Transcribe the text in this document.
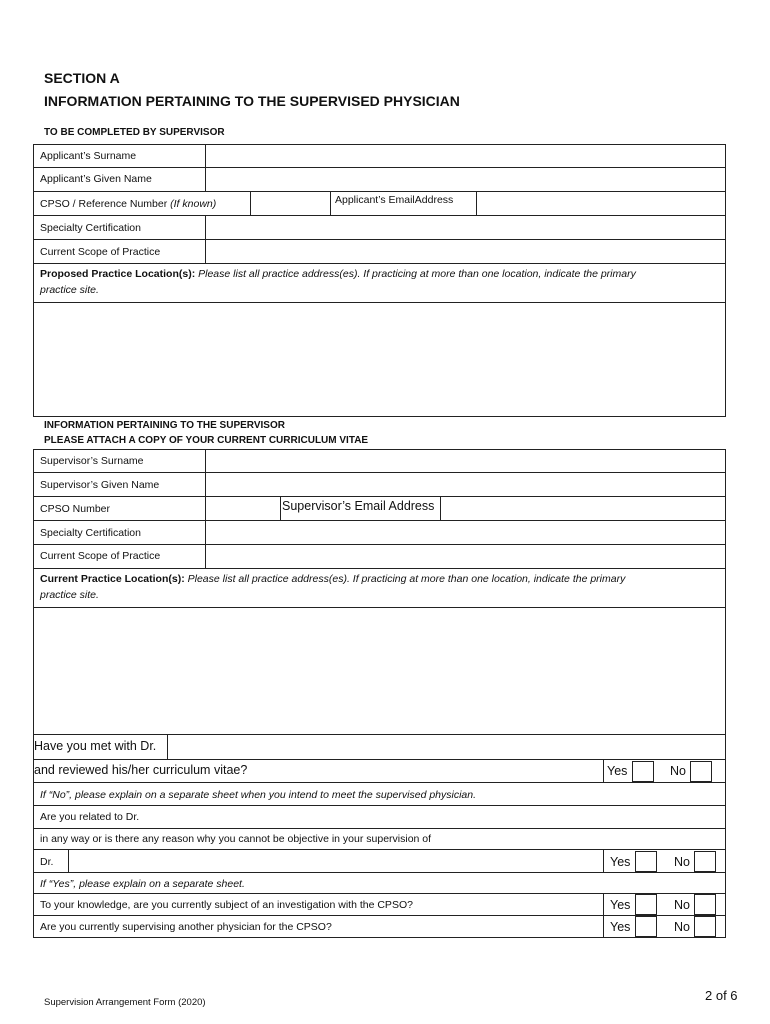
SECTION A
INFORMATION PERTAINING TO THE SUPERVISED PHYSICIAN
TO BE COMPLETED BY SUPERVISOR
Applicant’s Surname
Applicant’s Given Name
CPSO / Reference Number (If known)	Applicant’s EmailAddress
Specialty Certification
Current Scope of Practice
Proposed Practice Location(s): Please list all practice address(es). If practicing at more than one location, indicate the primary
practice site.
INFORMATION PERTAINING TO THE SUPERVISOR
PLEASE ATTACH A COPY OF YOUR CURRENT CURRICULUM VITAE
Supervisor’s Surname
Supervisor’s Given Name
CPSO Number	Supervisor’s Email Address
Specialty Certification
Current Scope of Practice
Current Practice Location(s): Please list all practice address(es). If practicing at more than one location, indicate the primary
practice site.
Have you met with Dr.
and reviewed his/her curriculum vitae?	Yes	No
If “No”, please explain on a separate sheet when you intend to meet the supervised physician.
Are you related to Dr.
in any way or is there any reason why you cannot be objective in your supervision of
Dr.	Yes	No
If “Yes”, please explain on a separate sheet.
To your knowledge, are you currently subject of an investigation with the CPSO?	Yes	No
Are you currently supervising another physician for the CPSO?	Yes	No
Supervision Arrangement Form (2020)	2 of 6
